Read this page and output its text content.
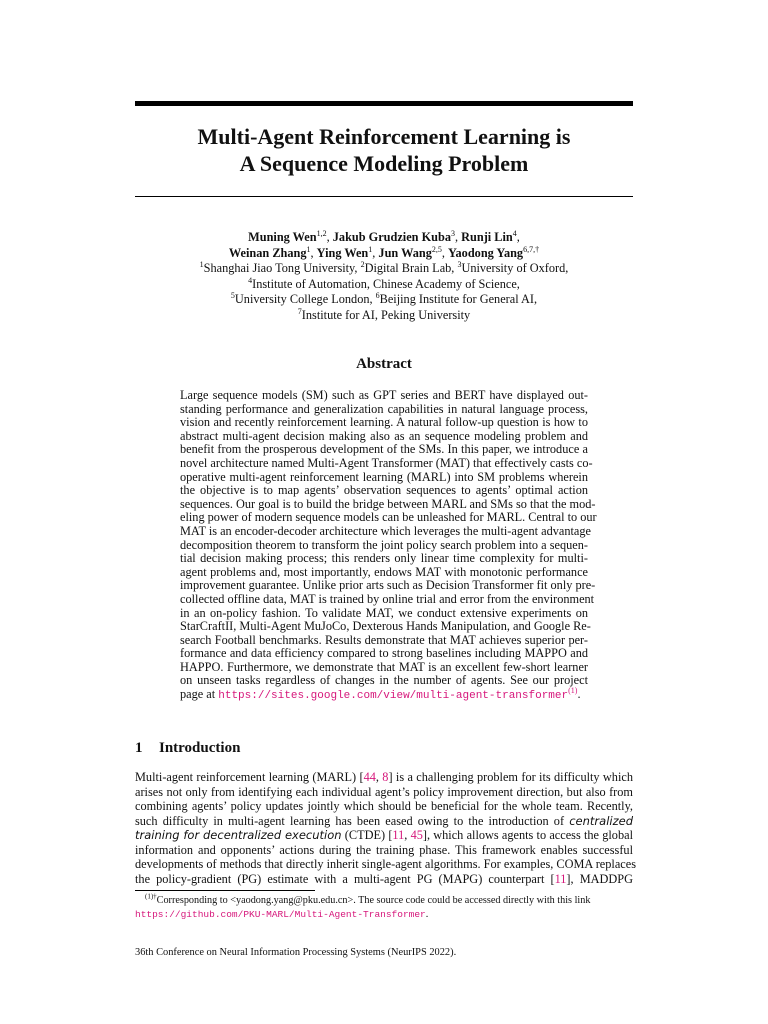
Multi-Agent Reinforcement Learning is
A Sequence Modeling Problem
Muning Wen$^{1,2}$, Jakub Grudzien Kuba$^3$, Runji Lin$^4$,
Weinan Zhang$^1$, Ying Wen$^1$, Jun Wang$^{2,5}$, Yaodong Yang$^{6,7,\dagger}$
$^1$Shanghai Jiao Tong University, $^2$Digital Brain Lab, $^3$University of Oxford,
$^4$Institute of Automation, Chinese Academy of Science,
$^5$University College London, $^6$Beijing Institute for General AI,
$^7$Institute for AI, Peking University
Abstract
Large sequence models (SM) such as GPT series and BERT have displayed out-
standing performance and generalization capabilities in natural language process,
vision and recently reinforcement learning. A natural follow-up question is how to
abstract multi-agent decision making also as an sequence modeling problem and
benefit from the prosperous development of the SMs. In this paper, we introduce a
novel architecture named Multi-Agent Transformer (MAT) that effectively casts co-
operative multi-agent reinforcement learning (MARL) into SM problems wherein
the objective is to map agents’ observation sequences to agents’ optimal action
sequences. Our goal is to build the bridge between MARL and SMs so that the mod-
eling power of modern sequence models can be unleashed for MARL. Central to our
MAT is an encoder-decoder architecture which leverages the multi-agent advantage
decomposition theorem to transform the joint policy search problem into a sequen-
tial decision making process; this renders only linear time complexity for multi-
agent problems and, most importantly, endows MAT with monotonic performance
improvement guarantee. Unlike prior arts such as Decision Transformer fit only pre-
collected offline data, MAT is trained by online trial and error from the environment
in an on-policy fashion. To validate MAT, we conduct extensive experiments on
StarCraftII, Multi-Agent MuJoCo, Dexterous Hands Manipulation, and Google Re-
search Football benchmarks. Results demonstrate that MAT achieves superior per-
formance and data efficiency compared to strong baselines including MAPPO and
HAPPO. Furthermore, we demonstrate that MAT is an excellent few-short learner
on unseen tasks regardless of changes in the number of agents. See our project
page at https://sites.google.com/view/multi-agent-transformer$^{(1)}$.
1 Introduction
Multi-agent reinforcement learning (MARL) [44, 8] is a challenging problem for its difficulty which
arises not only from identifying each individual agent’s policy improvement direction, but also from
combining agents’ policy updates jointly which should be beneficial for the whole team. Recently,
such difficulty in multi-agent learning has been eased owing to the introduction of centralized
training for decentralized execution (CTDE) [11, 45], which allows agents to access the global
information and opponents’ actions during the training phase. This framework enables successful
developments of methods that directly inherit single-agent algorithms. For examples, COMA replaces
the policy-gradient (PG) estimate with a multi-agent PG (MAPG) counterpart [11], MADDPG
$^{(1)\dagger}$Corresponding to <yaodong.yang@pku.edu.cn>. The source code could be accessed directly with this link
https://github.com/PKU-MARL/Multi-Agent-Transformer.
36th Conference on Neural Information Processing Systems (NeurIPS 2022).
